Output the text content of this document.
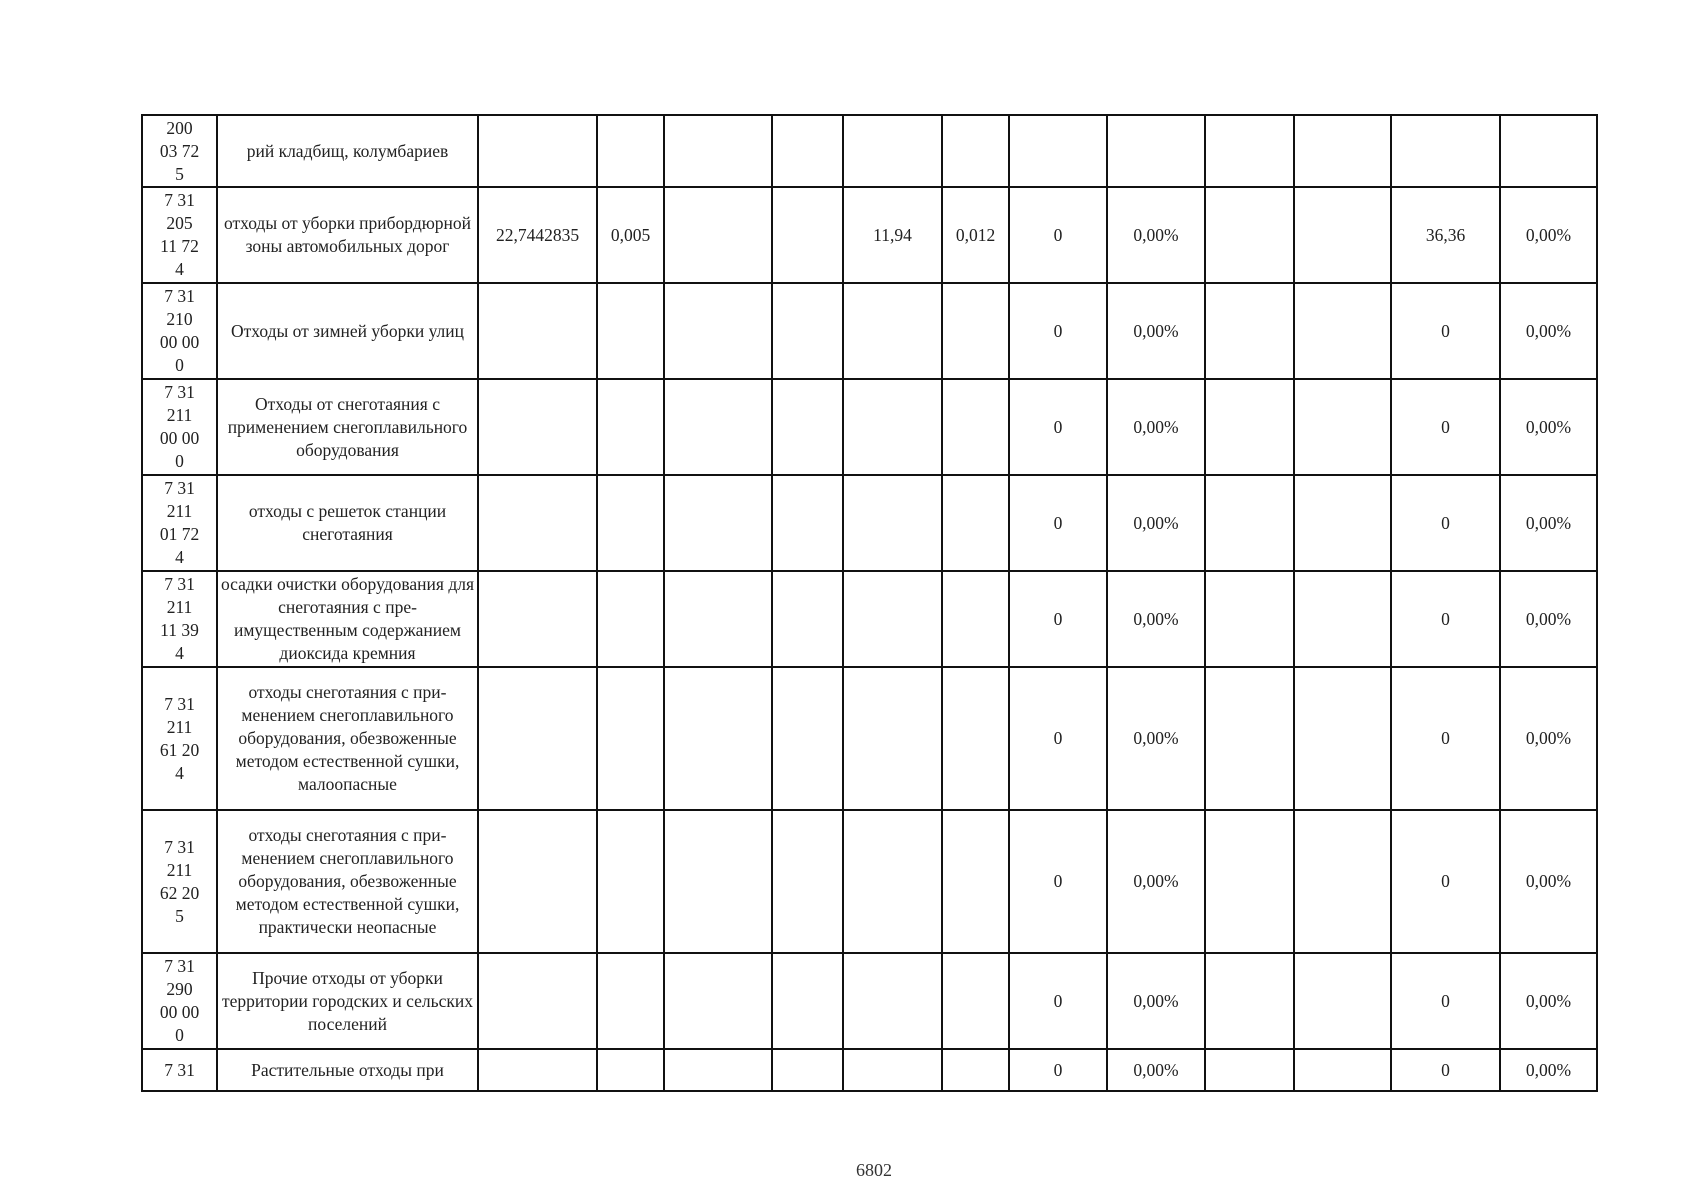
200
03 72
5	рий кладбищ, колумбариев												

7 31
205
11 72
4	отходы от уборки прибордюрной зоны автомобильных дорог	22,7442835	0,005			11,94	0,012	0	0,00%			36,36	0,00%

7 31
210
00 00
0	Отходы от зимней уборки улиц							0	0,00%			0	0,00%

7 31
211
00 00
0	Отходы от снеготаяния с применением снегоплавильного оборудования							0	0,00%			0	0,00%

7 31
211
01 72
4	отходы с решеток станции снеготаяния							0	0,00%			0	0,00%

7 31
211
11 39
4	осадки очистки оборудования для снеготаяния с преимущественным содержанием диоксида кремния							0	0,00%			0	0,00%

7 31
211
61 20
4	отходы снеготаяния с применением снегоплавильного оборудования, обезвоженные методом естественной сушки, малоопасные							0	0,00%			0	0,00%

7 31
211
62 20
5	отходы снеготаяния с применением снегоплавильного оборудования, обезвоженные методом естественной сушки, практически неопасные							0	0,00%			0	0,00%

7 31
290
00 00
0	Прочие отходы от уборки территории городских и сельских поселений							0	0,00%			0	0,00%

7 31	Растительные отходы при							0	0,00%			0	0,00%
6802
